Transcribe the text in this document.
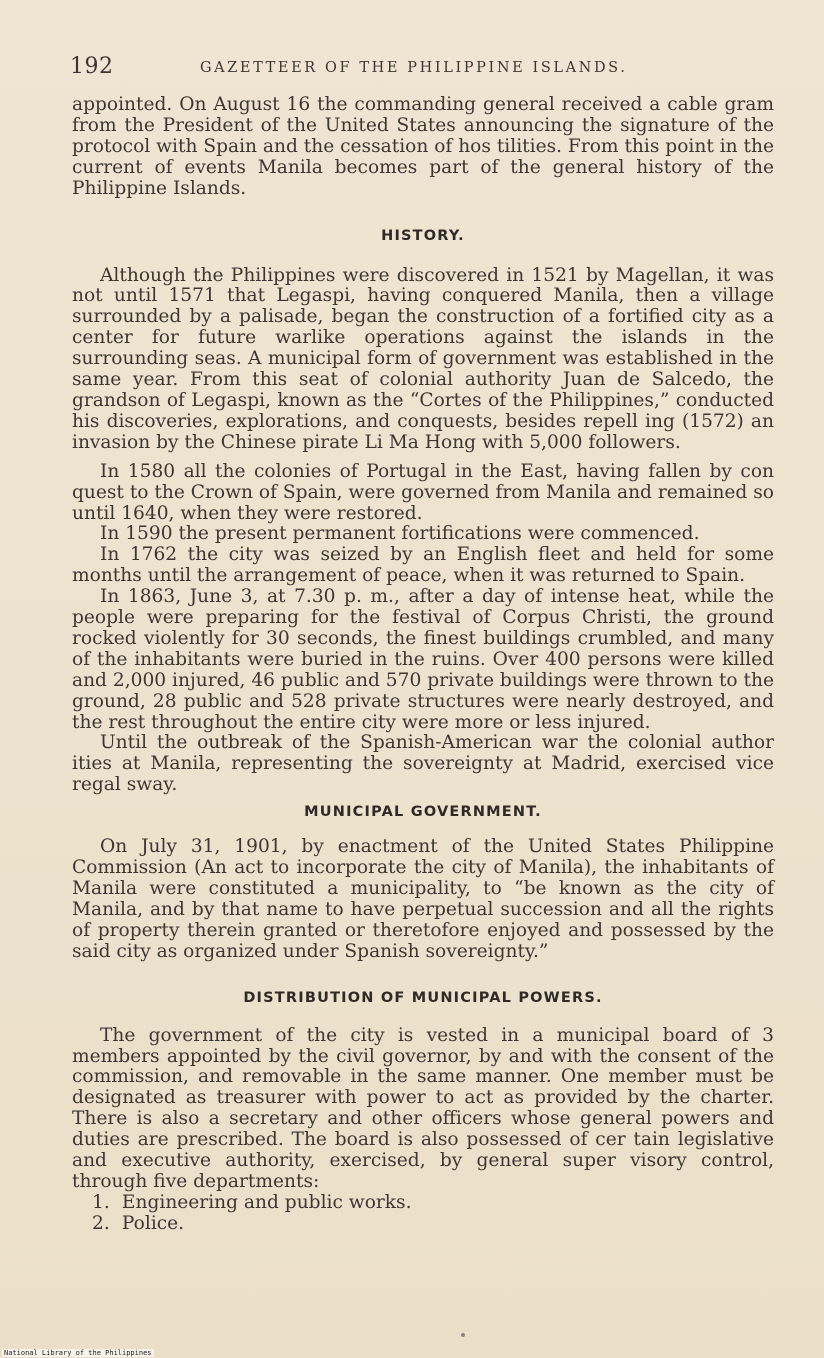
192	GAZETTEER OF THE PHILIPPINE ISLANDS.

appointed. On August 16 the commanding general received a cable gram from the President of the United States announcing the signature of the protocol with Spain and the cessation of hos tilities. From this point in the current of events Manila becomes part of the general history of the Philippine Islands.

HISTORY.

Although the Philippines were discovered in 1521 by Magellan, it was not until 1571 that Legaspi, having conquered Manila, then a village surrounded by a palisade, began the construction of a fortified city as a center for future warlike operations against the islands in the surrounding seas. A municipal form of government was established in the same year. From this seat of colonial authority Juan de Salcedo, the grandson of Legaspi, known as the “Cortes of the Philippines,” conducted his discoveries, explorations, and conquests, besides repell ing (1572) an invasion by the Chinese pirate Li Ma Hong with 5,000 followers.

In 1580 all the colonies of Portugal in the East, having fallen by con quest to the Crown of Spain, were governed from Manila and remained so until 1640, when they were restored.

In 1590 the present permanent fortifications were commenced.

In 1762 the city was seized by an English fleet and held for some months until the arrangement of peace, when it was returned to Spain.

In 1863, June 3, at 7.30 p. m., after a day of intense heat, while the people were preparing for the festival of Corpus Christi, the ground rocked violently for 30 seconds, the finest buildings crumbled, and many of the inhabitants were buried in the ruins. Over 400 persons were killed and 2,000 injured, 46 public and 570 private buildings were thrown to the ground, 28 public and 528 private structures were nearly destroyed, and the rest throughout the entire city were more or less injured.

Until the outbreak of the Spanish-American war the colonial author ities at Manila, representing the sovereignty at Madrid, exercised vice regal sway.

MUNICIPAL GOVERNMENT.

On July 31, 1901, by enactment of the United States Philippine Commission (An act to incorporate the city of Manila), the inhabitants of Manila were constituted a municipality, to “be known as the city of Manila, and by that name to have perpetual succession and all the rights of property therein granted or theretofore enjoyed and possessed by the said city as organized under Spanish sovereignty.”

DISTRIBUTION OF MUNICIPAL POWERS.

The government of the city is vested in a municipal board of 3 members appointed by the civil governor, by and with the consent of the commission, and removable in the same manner. One member must be designated as treasurer with power to act as provided by the charter. There is also a secretary and other officers whose general powers and duties are prescribed. The board is also possessed of cer tain legislative and executive authority, exercised, by general super visory control, through five departments:

1. Engineering and public works.
2. Police.
National Library of the Philippines
